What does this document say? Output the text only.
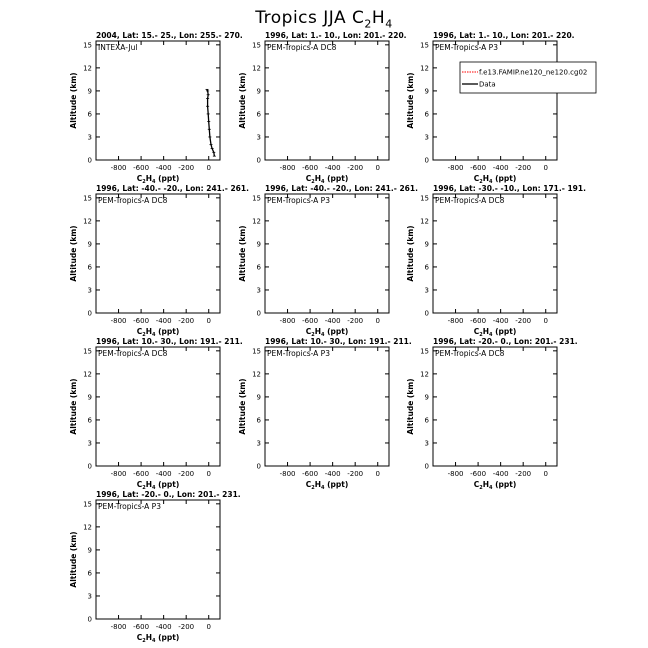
Tropics JJA $C_2H_4$
2004, Lat: 15.- 25., Lon: 255.- 270.
INTEXA-Jul
-800 -600 -400 -200 0
0
3
6
9
12
15
$C_2H_4$ (ppt)
Altitude (km)
1996, Lat: 1.- 10., Lon: 201.- 220.
PEM-Tropics-A DC8
-800 -600 -400 -200 0
0
3
6
9
12
15
$C_2H_4$ (ppt)
Altitude (km)
1996, Lat: 1.- 10., Lon: 201.- 220.
PEM-Tropics-A P3
-800 -600 -400 -200 0
0
3
6
9
12
15
$C_2H_4$ (ppt)
Altitude (km)	f.e13.FAMIP.ne120_ne120.cg02
Data
1996, Lat: -40.- -20., Lon: 241.- 261.
PEM-Tropics-A DC8
-800 -600 -400 -200 0
0
3
6
9
12
15
$C_2H_4$ (ppt)
Altitude (km)
1996, Lat: -40.- -20., Lon: 241.- 261.
PEM-Tropics-A P3
-800 -600 -400 -200 0
0
3
6
9
12
15
$C_2H_4$ (ppt)
Altitude (km)
1996, Lat: -30.- -10., Lon: 171.- 191.
PEM-Tropics-A DC8
-800 -600 -400 -200 0
0
3
6
9
12
15
$C_2H_4$ (ppt)
Altitude (km)
1996, Lat: 10.- 30., Lon: 191.- 211.
PEM-Tropics-A DC8
-800 -600 -400 -200 0
0
3
6
9
12
15
$C_2H_4$ (ppt)
Altitude (km)
1996, Lat: 10.- 30., Lon: 191.- 211.
PEM-Tropics-A P3
-800 -600 -400 -200 0
0
3
6
9
12
15
$C_2H_4$ (ppt)
Altitude (km)
1996, Lat: -20.- 0., Lon: 201.- 231.
PEM-Tropics-A DC8
-800 -600 -400 -200 0
0
3
6
9
12
15
$C_2H_4$ (ppt)
Altitude (km)
1996, Lat: -20.- 0., Lon: 201.- 231.
PEM-Tropics-A P3
-800 -600 -400 -200 0
0
3
6
9
12
15
$C_2H_4$ (ppt)
Altitude (km)
